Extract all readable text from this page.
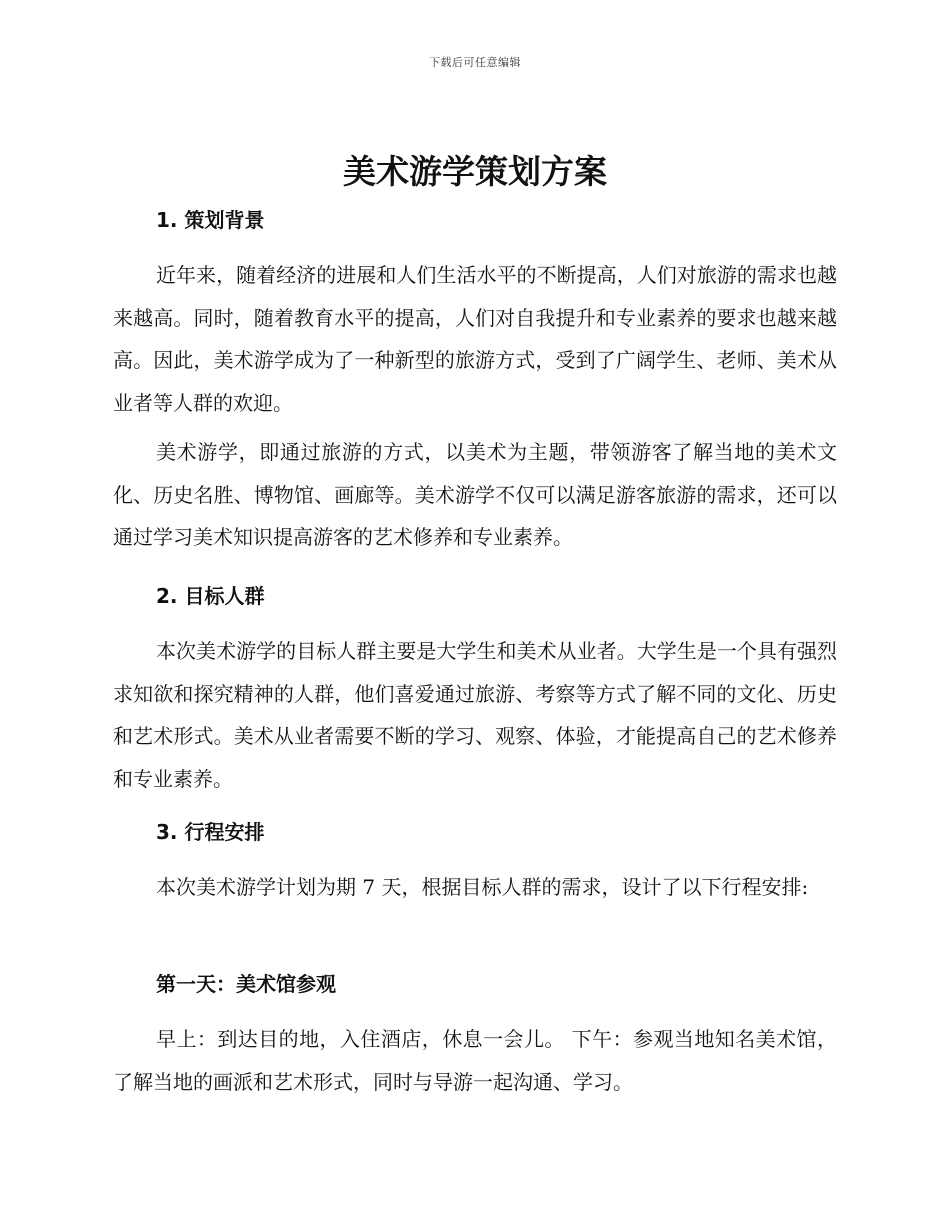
下载后可任意编辑
美术游学策划方案
1. 策划背景

近年来，随着经济的进展和人们生活水平的不断提高，人们对旅游的需求也越来越高。同时，随着教育水平的提高，人们对自我提升和专业素养的要求也越来越高。因此，美术游学成为了一种新型的旅游方式，受到了广阔学生、老师、美术从业者等人群的欢迎。

美术游学，即通过旅游的方式，以美术为主题，带领游客了解当地的美术文化、历史名胜、博物馆、画廊等。美术游学不仅可以满足游客旅游的需求，还可以通过学习美术知识提高游客的艺术修养和专业素养。

2. 目标人群

本次美术游学的目标人群主要是大学生和美术从业者。大学生是一个具有强烈求知欲和探究精神的人群，他们喜爱通过旅游、考察等方式了解不同的文化、历史和艺术形式。美术从业者需要不断的学习、观察、体验，才能提高自己的艺术修养和专业素养。

3. 行程安排

本次美术游学计划为期 7 天，根据目标人群的需求，设计了以下行程安排:

第一天：美术馆参观

早上：到达目的地，入住酒店，休息一会儿。 下午：参观当地知名美术馆，了解当地的画派和艺术形式，同时与导游一起沟通、学习。
